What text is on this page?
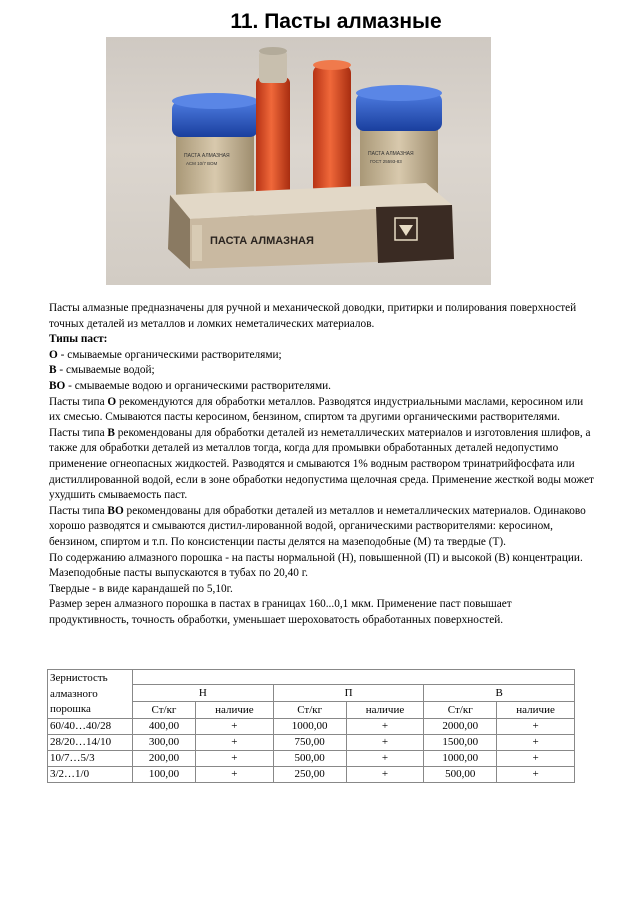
11. Пасты алмазные
ПАСТА АЛМАЗНАЯ
АСМ 10/7 ВОМ
ПАСТА АЛМАЗНАЯ
ГОСТ 25593-83
ПАСТА АЛМАЗНАЯ

Пасты алмазные предназначены для ручной и механической доводки, притирки и полирования поверхностей точных деталей из металлов и ломких неметалических материалов.

Типы паст:

О - смываемые органическими растворителями;

В - смываемые водой;

ВО - смываемые водою и органическими растворителями.

Пасты типа О рекомендуются для обработки металлов. Разводятся индустриальными маслами, керосином или их смесью. Смываются пасты керосином, бензином, спиртом та другими органическими растворителями.

Пасты типа В рекомендованы для обработки деталей из неметаллических материалов и изготовления шлифов, а также для обработки деталей из металлов тогда, когда для промывки обработанных деталей недопустимо применение огнеопасных жидкостей. Разводятся и смываются 1% водным раствором тринатрийфосфата или дистиллированной водой, если в зоне обработки недопустима щелочная среда. Применение жесткой воды может ухудшить смываемость паст.

Пасты типа ВО рекомендованы для обработки деталей из металлов и неметаллических материалов. Одинаково хорошо разводятся и смываются дистил-лированной водой, органическими растворителями: керосином, бензином, спиртом и т.п. По консистенции пасты делятся на мазеподобные (М) та твердые (Т).

По содержанию алмазного порошка - на пасты нормальной (Н), повышенной (П) и высокой (В) концентрации.

Мазеподобные пасты выпускаются в тубах по 20,40 г.

Твердые - в виде карандашей по 5,10г.

Размер зерен алмазного порошка в пастах в границах 160...0,1 мкм. Применение паст повышает продуктивность, точность обработки, уменьшает шероховатость обработанных поверхностей.

Зернистость алмазного порошка						
	Н		П		В	
	Ст/кг	наличие	Ст/кг	наличие	Ст/кг	наличие
60/40…40/28	400,00	+	1000,00	+	2000,00	+
28/20…14/10	300,00	+	750,00	+	1500,00	+
10/7…5/3	200,00	+	500,00	+	1000,00	+
3/2…1/0	100,00	+	250,00	+	500,00	+
